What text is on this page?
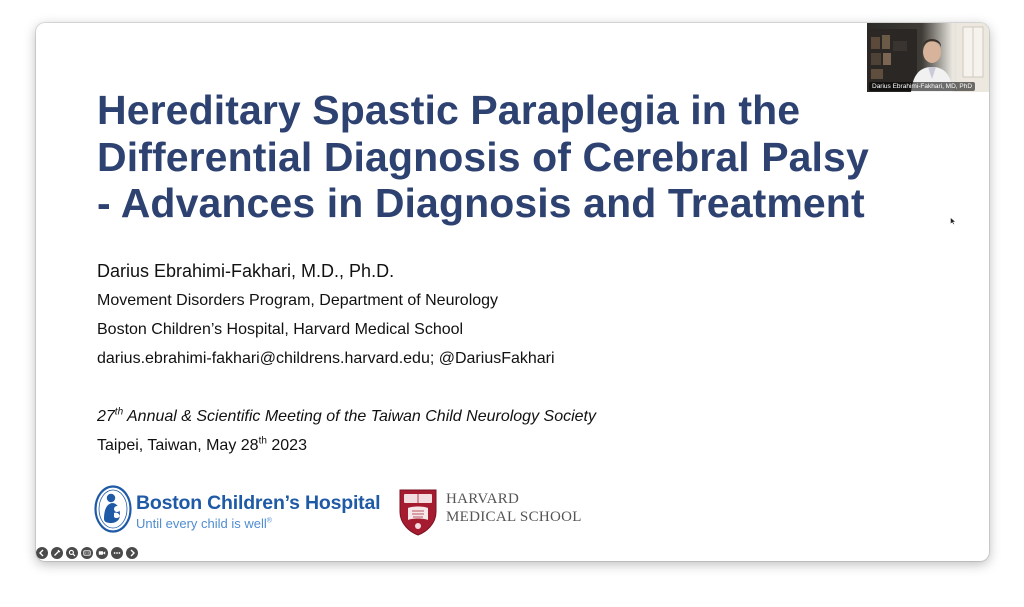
Hereditary Spastic Paraplegia in the
Differential Diagnosis of Cerebral Palsy
- Advances in Diagnosis and Treatment

Darius Ebrahimi-Fakhari, M.D., Ph.D.

Movement Disorders Program, Department of Neurology

Boston Children’s Hospital, Harvard Medical School

darius.ebrahimi-fakhari@childrens.harvard.edu; @DariusFakhari

27th Annual & Scientific Meeting of the Taiwan Child Neurology Society

Taipei, Taiwan, May 28th 2023

Boston Children’s Hospital
Until every child is well®
HARVARD
MEDICAL SCHOOL
Darius Ebrahimi-Fakhari, MD, PhD
